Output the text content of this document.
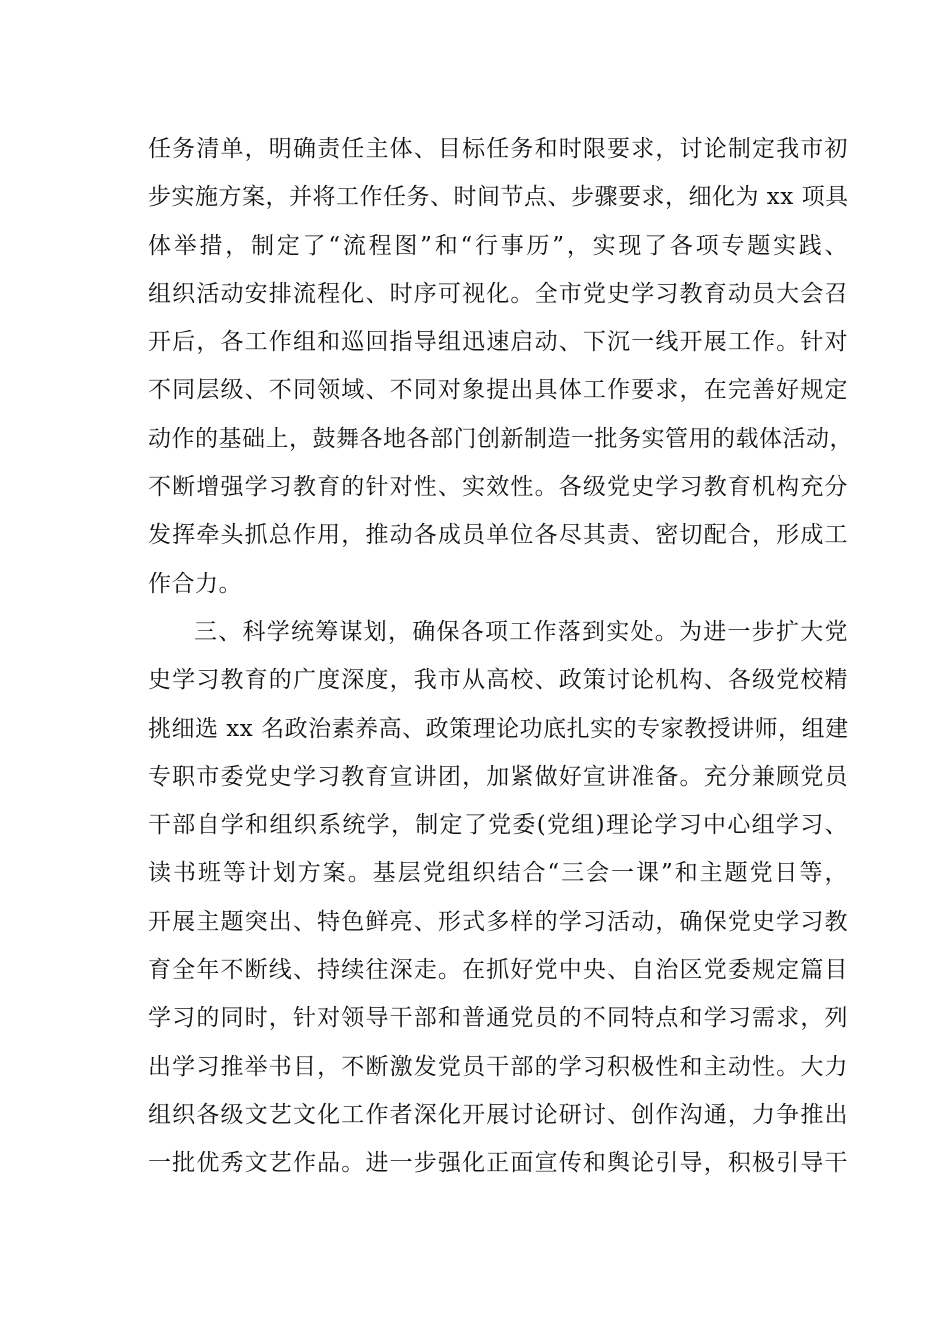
任务清单，明确责任主体、目标任务和时限要求，讨论制定我市初
步实施方案，并将工作任务、时间节点、步骤要求，细化为 xx 项具
体举措，制定了“流程图”和“行事历”，实现了各项专题实践、
组织活动安排流程化、时序可视化。全市党史学习教育动员大会召
开后，各工作组和巡回指导组迅速启动、下沉一线开展工作。针对
不同层级、不同领域、不同对象提出具体工作要求，在完善好规定
动作的基础上，鼓舞各地各部门创新制造一批务实管用的载体活动，
不断增强学习教育的针对性、实效性。各级党史学习教育机构充分
发挥牵头抓总作用，推动各成员单位各尽其责、密切配合，形成工
作合力。
三、科学统筹谋划，确保各项工作落到实处。为进一步扩大党
史学习教育的广度深度，我市从高校、政策讨论机构、各级党校精
挑细选 xx 名政治素养高、政策理论功底扎实的专家教授讲师，组建
专职市委党史学习教育宣讲团，加紧做好宣讲准备。充分兼顾党员
干部自学和组织系统学，制定了党委(党组)理论学习中心组学习、
读书班等计划方案。基层党组织结合“三会一课”和主题党日等，
开展主题突出、特色鲜亮、形式多样的学习活动，确保党史学习教
育全年不断线、持续往深走。在抓好党中央、自治区党委规定篇目
学习的同时，针对领导干部和普通党员的不同特点和学习需求，列
出学习推举书目，不断激发党员干部的学习积极性和主动性。大力
组织各级文艺文化工作者深化开展讨论研讨、创作沟通，力争推出
一批优秀文艺作品。进一步强化正面宣传和舆论引导，积极引导干
